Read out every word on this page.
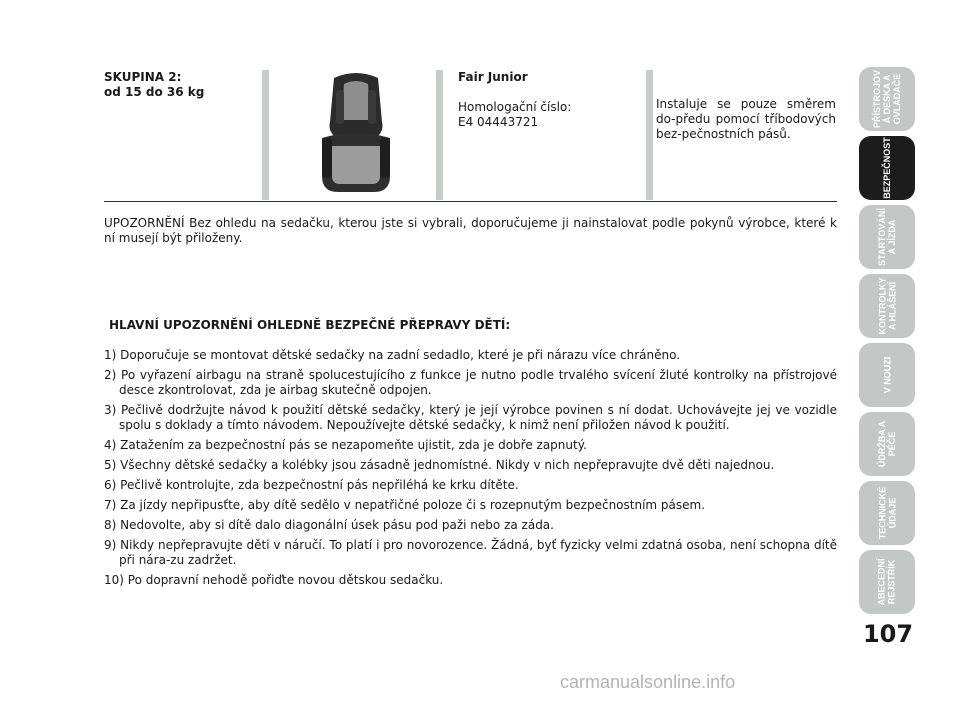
SKUPINA 2:
od 15 do 36 kg
Fair Junior
Homologační číslo:
E4 04443721
Instaluje se pouze směrem do-předu pomocí tříbodových bez-pečnostních pásů.
UPOZORNĚNÍ Bez ohledu na sedačku, kterou jste si vybrali, doporučujeme ji nainstalovat podle pokynů výrobce, které k ní musejí být přiloženy.
HLAVNÍ UPOZORNĚNÍ OHLEDNĚ BEZPEČNÉ PŘEPRAVY DĚTÍ:
1) Doporučuje se montovat dětské sedačky na zadní sedadlo, které je při nárazu více chráněno.
2) Po vyřazení airbagu na straně spolucestujícího z funkce je nutno podle trvalého svícení žluté kontrolky na přístrojové desce zkontrolovat, zda je airbag skutečně odpojen.
3) Pečlivě dodržujte návod k použití dětské sedačky, který je její výrobce povinen s ní dodat. Uchovávejte jej ve vozidle spolu s doklady a tímto návodem. Nepoužívejte dětské sedačky, k nimž není přiložen návod k použití.
4) Zatažením za bezpečnostní pás se nezapomeňte ujistit, zda je dobře zapnutý.
5) Všechny dětské sedačky a kolébky jsou zásadně jednomístné. Nikdy v nich nepřepravujte dvě děti najednou.
6) Pečlivě kontrolujte, zda bezpečnostní pás nepřiléhá ke krku dítěte.
7) Za jízdy nepřipusťte, aby dítě sedělo v nepatřičné poloze či s rozepnutým bezpečnostním pásem.
8) Nedovolte, aby si dítě dalo diagonální úsek pásu pod paži nebo za záda.
9) Nikdy nepřepravujte děti v náručí. To platí i pro novorozence. Žádná, byť fyzicky velmi zdatná osoba, není schopna dítě při nára-zu zadržet.
10) Po dopravní nehodě pořiďte novou dětskou sedačku.
PŘÍSTROJOV
Á DESKA A
OVLADAČE
BEZPEČNOST
STARTOVÁNÍ
A JÍZDA
KONTROLKY
A HLÁŠENÍ
V NOUZI
ÚDRŽBA A
PÉČE
TECHNICKÉ
ÚDAJE
ABECEDNÍ
REJSTŘÍK
107
carmanualsonline.info
